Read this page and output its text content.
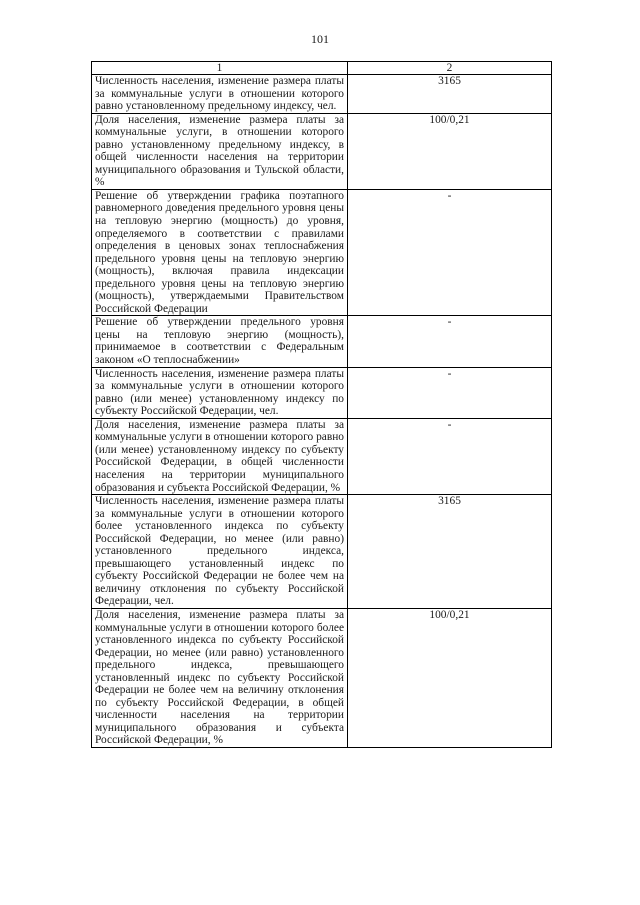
101
1	2
Численность населения, изменение размера платы за коммунальные услуги в отношении которого равно установленному предельному индексу, чел.	3165
Доля населения, изменение размера платы за коммунальные услуги, в отношении которого равно установленному предельному индексу, в общей численности населения на территории муниципального образования и Тульской области, %	100/0,21
Решение об утверждении графика поэтапного равномерного доведения предельного уровня цены на тепловую энергию (мощность) до уровня, определяемого в соответствии с правилами определения в ценовых зонах теплоснабжения предельного уровня цены на тепловую энергию (мощность), включая правила индексации предельного уровня цены на тепловую энергию (мощность), утверждаемыми Правительством Российской Федерации	-
Решение об утверждении предельного уровня цены на тепловую энергию (мощность), принимаемое в соответствии с Федеральным законом «О теплоснабжении»	-
Численность населения, изменение размера платы за коммунальные услуги в отношении которого равно (или менее) установленному индексу по субъекту Российской Федерации, чел.	-
Доля населения, изменение размера платы за коммунальные услуги в отношении которого равно (или менее) установленному индексу по субъекту Российской Федерации, в общей численности населения на территории муниципального образования и субъекта Российской Федерации, %	-
Численность населения, изменение размера платы за коммунальные услуги в отношении которого более установленного индекса по субъекту Российской Федерации, но менее (или равно) установленного предельного индекса, превышающего установленный индекс по субъекту Российской Федерации не более чем на величину отклонения по субъекту Российской Федерации, чел.	3165
Доля населения, изменение размера платы за коммунальные услуги в отношении которого более установленного индекса по субъекту Российской Федерации, но менее (или равно) установленного предельного индекса, превышающего установленный индекс по субъекту Российской Федерации не более чем на величину отклонения по субъекту Российской Федерации, в общей численности населения на территории муниципального образования и субъекта Российской Федерации, %	100/0,21
